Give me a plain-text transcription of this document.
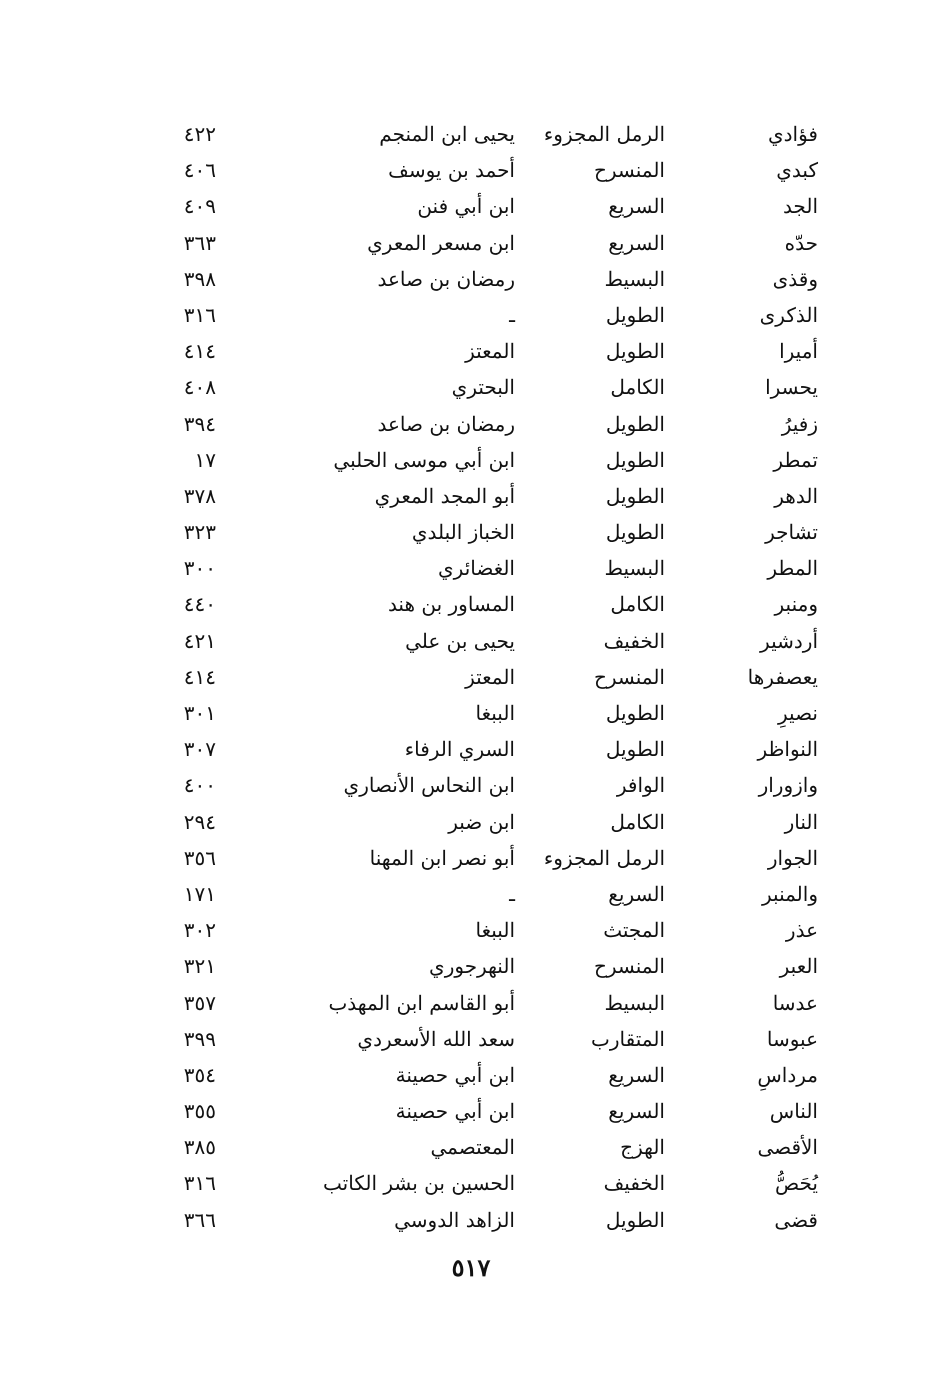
فؤادي
الرمل المجزوء
يحيى ابن المنجم
٤٢٢
كبدي
المنسرح
أحمد بن يوسف
٤٠٦
الجد
السريع
ابن أبي فنن
٤٠٩
حدّه
السريع
ابن مسعر المعري
٣٦٣
وقذى
البسيط
رمضان بن صاعد
٣٩٨
الذكرى
الطويل
ـ
٣١٦
أميرا
الطويل
المعتز
٤١٤
يحسرا
الكامل
البحتري
٤٠٨
زفيرُ
الطويل
رمضان بن صاعد
٣٩٤
تمطر
الطويل
ابن أبي موسى الحلبي
١٧
الدهر
الطويل
أبو المجد المعري
٣٧٨
تشاجر
الطويل
الخباز البلدي
٣٢٣
المطر
البسيط
الغضائري
٣٠٠
ومنبر
الكامل
المساور بن هند
٤٤٠
أردشير
الخفيف
يحيى بن علي
٤٢١
يعصفرها
المنسرح
المعتز
٤١٤
نصيرِ
الطويل
الببغا
٣٠١
النواظر
الطويل
السري الرفاء
٣٠٧
وازورار
الوافر
ابن النحاس الأنصاري
٤٠٠
النار
الكامل
ابن ضبر
٢٩٤
الجوار
الرمل المجزوء
أبو نصر ابن المهنا
٣٥٦
والمنبر
السريع
ـ
١٧١
عذر
المجتث
الببغا
٣٠٢
العبر
المنسرح
النهرجوري
٣٢١
عدسا
البسيط
أبو القاسم ابن المهذب
٣٥٧
عبوسا
المتقارب
سعد الله الأسعردي
٣٩٩
مرداسِ
السريع
ابن أبي حصينة
٣٥٤
الناس
السريع
ابن أبي حصينة
٣٥٥
الأقصى
الهزج
المعتصمي
٣٨٥
يُحَصُّ
الخفيف
الحسين بن بشر الكاتب
٣١٦
قضى
الطويل
الزاهد الدوسي
٣٦٦
٥١٧
